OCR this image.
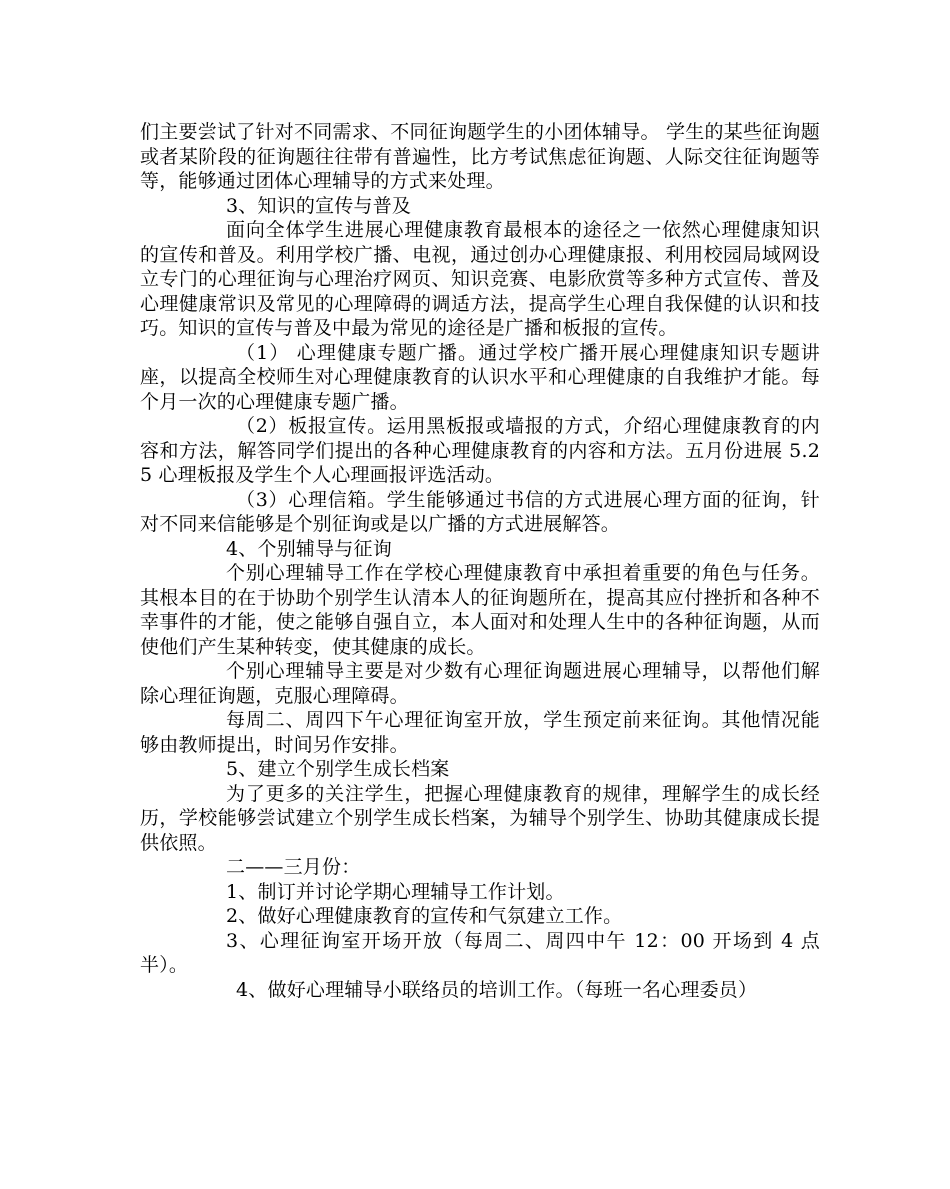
们主要尝试了针对不同需求、不同征询题学生的小团体辅导。 学生的某些征询题或者某阶段的征询题往往带有普遍性，比方考试焦虑征询题、人际交往征询题等等，能够通过团体心理辅导的方式来处理。

3、知识的宣传与普及

面向全体学生进展心理健康教育最根本的途径之一依然心理健康知识的宣传和普及。利用学校广播、电视，通过创办心理健康报、利用校园局域网设立专门的心理征询与心理治疗网页、知识竞赛、电影欣赏等多种方式宣传、普及心理健康常识及常见的心理障碍的调适方法，提高学生心理自我保健的认识和技巧。知识的宣传与普及中最为常见的途径是广播和板报的宣传。

（1） 心理健康专题广播。通过学校广播开展心理健康知识专题讲座，以提高全校师生对心理健康教育的认识水平和心理健康的自我维护才能。每个月一次的心理健康专题广播。

（2）板报宣传。运用黑板报或墙报的方式，介绍心理健康教育的内容和方法，解答同学们提出的各种心理健康教育的内容和方法。五月份进展 5.25 心理板报及学生个人心理画报评选活动。

（3）心理信箱。学生能够通过书信的方式进展心理方面的征询，针对不同来信能够是个别征询或是以广播的方式进展解答。

4、个别辅导与征询

个别心理辅导工作在学校心理健康教育中承担着重要的角色与任务。其根本目的在于协助个别学生认清本人的征询题所在，提高其应付挫折和各种不幸事件的才能，使之能够自强自立，本人面对和处理人生中的各种征询题，从而使他们产生某种转变，使其健康的成长。

个别心理辅导主要是对少数有心理征询题进展心理辅导，以帮他们解除心理征询题，克服心理障碍。

每周二、周四下午心理征询室开放，学生预定前来征询。其他情况能够由教师提出，时间另作安排。

5、建立个别学生成长档案

为了更多的关注学生，把握心理健康教育的规律，理解学生的成长经历，学校能够尝试建立个别学生成长档案，为辅导个别学生、协助其健康成长提供依照。

二——三月份：

1、制订并讨论学期心理辅导工作计划。

2、做好心理健康教育的宣传和气氛建立工作。

3、心理征询室开场开放（每周二、周四中午 12：00 开场到 4 点半）。

4、做好心理辅导小联络员的培训工作。（每班一名心理委员）
